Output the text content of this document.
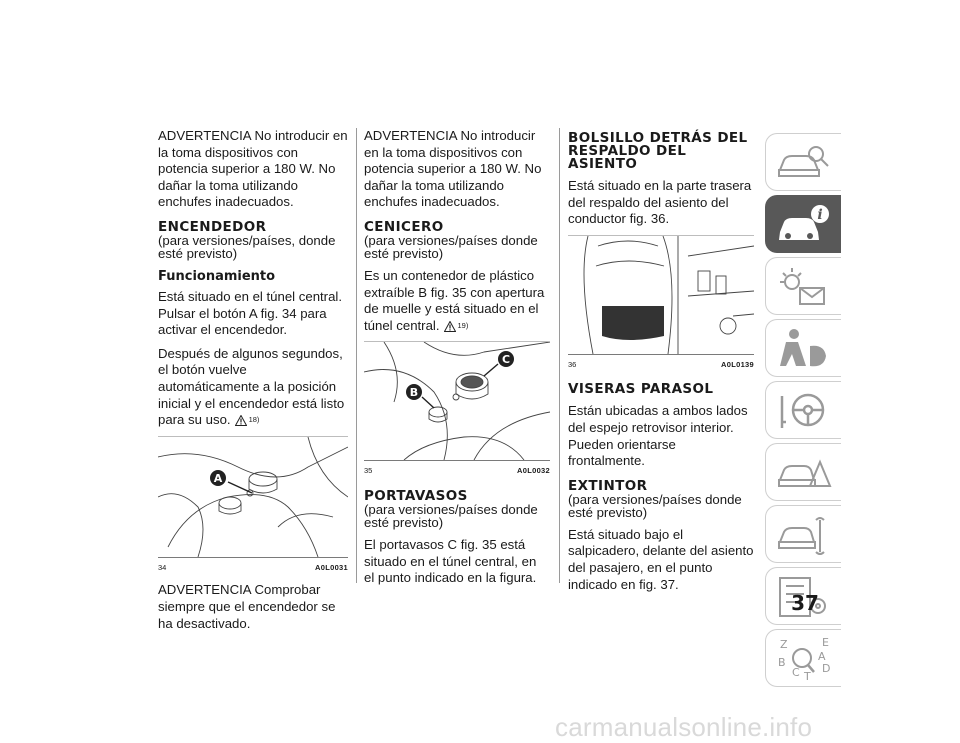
ADVERTENCIA No introducir en la toma dispositivos con potencia superior a 180 W. No dañar la toma utilizando enchufes inadecuados.

ENCENDEDOR

(para versiones/países, donde esté previsto)

Funcionamiento

Está situado en el túnel central. Pulsar el botón A fig. 34 para activar el encendedor.

Después de algunos segundos, el botón vuelve automáticamente a la posición inicial y el encendedor está listo para su uso. $^{18)}$

A
34	A0L0031

ADVERTENCIA Comprobar siempre que el encendedor se ha desactivado.

ADVERTENCIA No introducir en la toma dispositivos con potencia superior a 180 W. No dañar la toma utilizando enchufes inadecuados.

CENICERO

(para versiones/países donde esté previsto)

Es un contenedor de plástico extraíble B fig. 35 con apertura de muelle y está situado en el túnel central. $^{19)}$

B
C
35	A0L0032
PORTAVASOS

(para versiones/países donde esté previsto)

El portavasos C fig. 35 está situado en el túnel central, en el punto indicado en la figura.

BOLSILLO DETRÁS DEL RESPALDO DEL ASIENTO

Está situado en la parte trasera del respaldo del asiento del conductor fig. 36.

36	A0L0139
VISERAS PARASOL

Están ubicadas a ambos lados del espejo retrovisor interior. Pueden orientarse frontalmente.

EXTINTOR

(para versiones/países donde esté previsto)

Está situado bajo el salpicadero, delante del asiento del pasajero, en el punto indicado en fig. 37.

i
Z	E
B	A
C D
T
37
carmanualsonline.info
